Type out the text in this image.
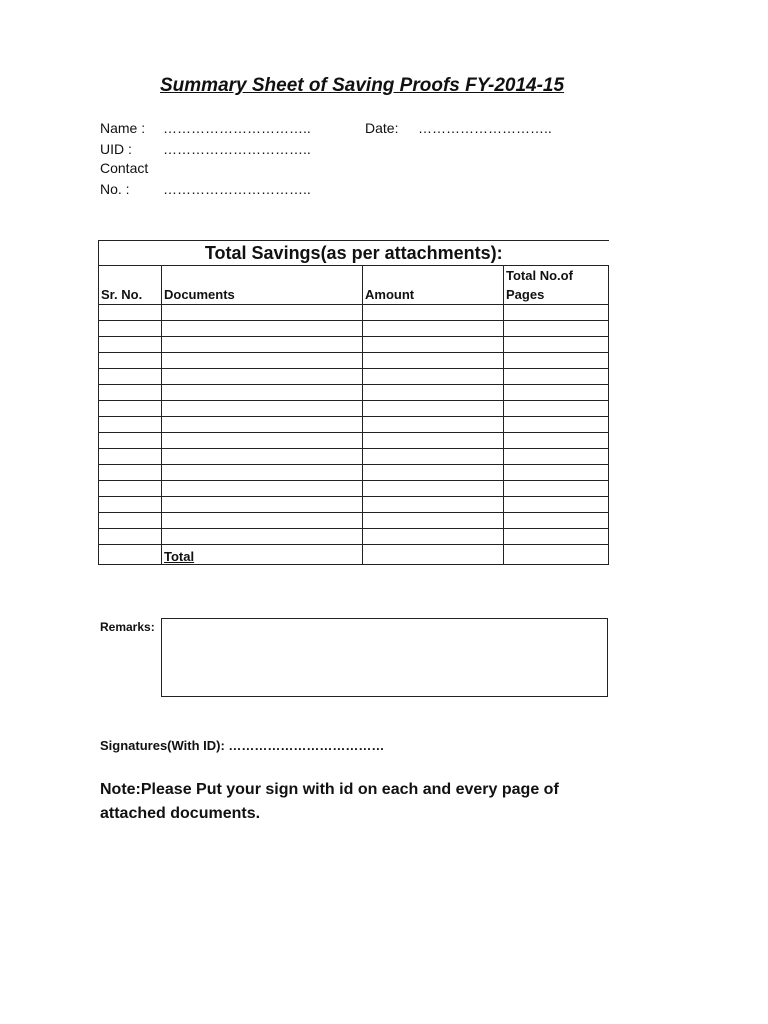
Summary Sheet of Saving Proofs FY-2014-15
Name : …………………………..	Date: ………………………..
UID : …………………………..
Contact
No. : …………………………..
Total Savings(as per attachments):			
Sr. No.	Documents	Amount	Total No.of Pages

	Total		
Remarks:
Signatures(With ID): ………………………………
Note:Please Put your sign with id on each and every page of attached documents.
